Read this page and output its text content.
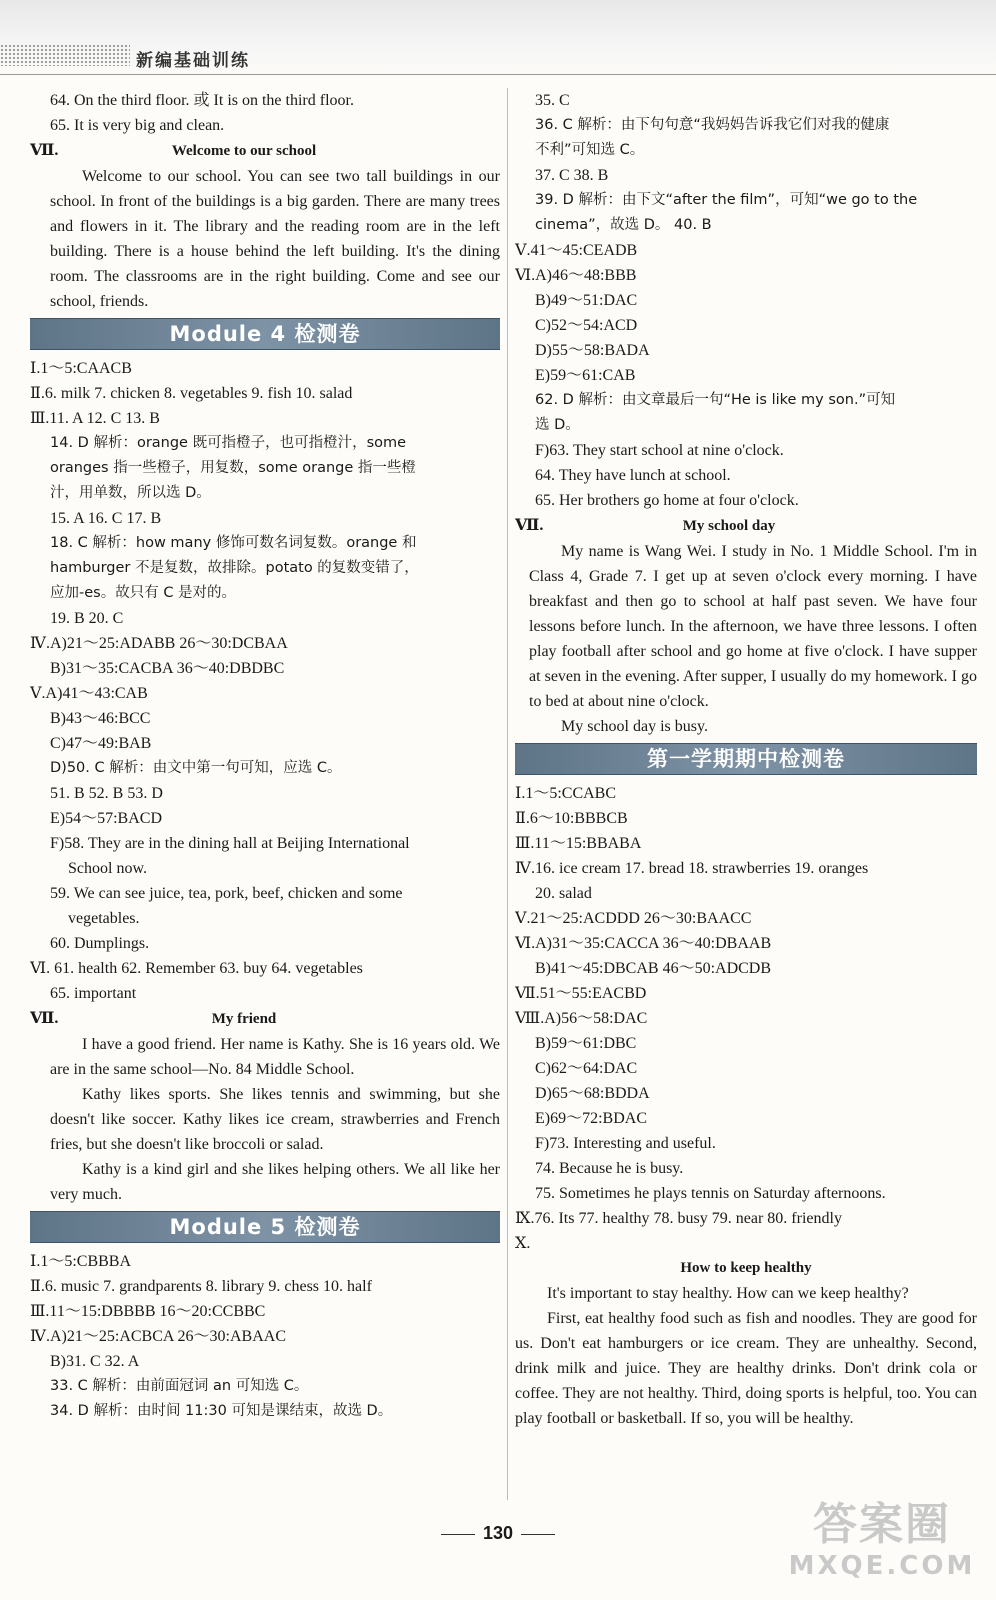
新编基础训练
64. On the third floor. 或 It is on the third floor.
65. It is very big and clean.
Ⅶ.	Welcome to our school
Welcome to our school. You can see two tall buildings in our school. In front of the buildings is a big garden. There are many trees and flowers in it. The library and the reading room are in the left building. There is a house behind the left building. It's the dining room. The classrooms are in the right building. Come and see our school, friends.
Module 4 检测卷
Ⅰ.1～5:CAACB
Ⅱ.6. milk 7. chicken 8. vegetables 9. fish 10. salad
Ⅲ.11. A 12. C 13. B
14. D 解析：orange 既可指橙子，也可指橙汁，some
oranges 指一些橙子，用复数，some orange 指一些橙
汁，用单数，所以选 D。
15. A 16. C 17. B
18. C 解析：how many 修饰可数名词复数。orange 和
hamburger 不是复数，故排除。potato 的复数变错了，
应加-es。故只有 C 是对的。
19. B 20. C
Ⅳ.A)21～25:ADABB 26～30:DCBAA
B)31～35:CACBA 36～40:DBDBC
Ⅴ.A)41～43:CAB
B)43～46:BCC
C)47～49:BAB
D)50. C 解析：由文中第一句可知，应选 C。
51. B 52. B 53. D
E)54～57:BACD
F)58. They are in the dining hall at Beijing International
School now.
59. We can see juice, tea, pork, beef, chicken and some
vegetables.
60. Dumplings.
Ⅵ. 61. health 62. Remember 63. buy 64. vegetables
65. important
Ⅶ.	My friend
I have a good friend. Her name is Kathy. She is 16 years old. We are in the same school—No. 84 Middle School.
Kathy likes sports. She likes tennis and swimming, but she doesn't like soccer. Kathy likes ice cream, strawberries and French fries, but she doesn't like broccoli or salad.
Kathy is a kind girl and she likes helping others. We all like her very much.
Module 5 检测卷
Ⅰ.1～5:CBBBA
Ⅱ.6. music 7. grandparents 8. library 9. chess 10. half
Ⅲ.11～15:DBBBB 16～20:CCBBC
Ⅳ.A)21～25:ACBCA 26～30:ABAAC
B)31. C 32. A
33. C 解析：由前面冠词 an 可知选 C。
34. D 解析：由时间 11:30 可知是课结束，故选 D。
35. C
36. C 解析：由下句句意“我妈妈告诉我它们对我的健康
不利”可知选 C。
37. C 38. B
39. D 解析：由下文“after the film”，可知“we go to the
cinema”，故选 D。 40. B
Ⅴ.41～45:CEADB
Ⅵ.A)46～48:BBB
B)49～51:DAC
C)52～54:ACD
D)55～58:BADA
E)59～61:CAB
62. D 解析：由文章最后一句“He is like my son.”可知
选 D。
F)63. They start school at nine o'clock.
64. They have lunch at school.
65. Her brothers go home at four o'clock.
Ⅶ.	My school day
My name is Wang Wei. I study in No. 1 Middle School. I'm in Class 4, Grade 7. I get up at seven o'clock every morning. I have breakfast and then go to school at half past seven. We have four lessons before lunch. In the afternoon, we have three lessons. I often play football after school and go home at five o'clock. I have supper at seven in the evening. After supper, I usually do my homework. I go to bed at about nine o'clock.
My school day is busy.
第一学期期中检测卷
Ⅰ.1～5:CCABC
Ⅱ.6～10:BBBCB
Ⅲ.11～15:BBABA
Ⅳ.16. ice cream 17. bread 18. strawberries 19. oranges
20. salad
Ⅴ.21～25:ACDDD 26～30:BAACC
Ⅵ.A)31～35:CACCA 36～40:DBAAB
B)41～45:DBCAB 46～50:ADCDB
Ⅶ.51～55:EACBD
Ⅷ.A)56～58:DAC
B)59～61:DBC
C)62～64:DAC
D)65～68:BDDA
E)69～72:BDAC
F)73. Interesting and useful.
74. Because he is busy.
75. Sometimes he plays tennis on Saturday afternoons.
Ⅸ.76. Its 77. healthy 78. busy 79. near 80. friendly
Ⅹ.
How to keep healthy
It's important to stay healthy. How can we keep healthy?
First, eat healthy food such as fish and noodles. They are good for us. Don't eat hamburgers or ice cream. They are unhealthy. Second, drink milk and juice. They are healthy drinks. Don't drink cola or coffee. They are not healthy. Third, doing sports is helpful, too. You can play football or basketball. If so, you will be healthy.
130	答案圈
MXQE.COM
